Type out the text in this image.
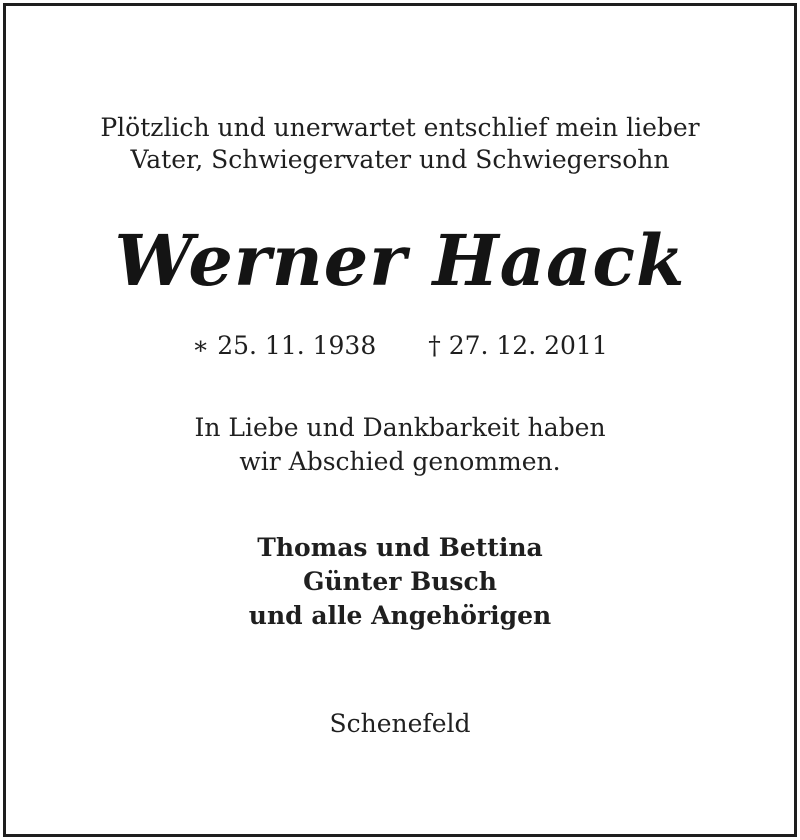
Plötzlich und unerwartet entschlief mein lieber
Vater, Schwiegervater und Schwiegersohn
Werner Haack
∗ 25. 11. 1938 † 27. 12. 2011
In Liebe und Dankbarkeit haben
wir Abschied genommen.
Thomas und Bettina
Günter Busch
und alle Angehörigen
Schenefeld
